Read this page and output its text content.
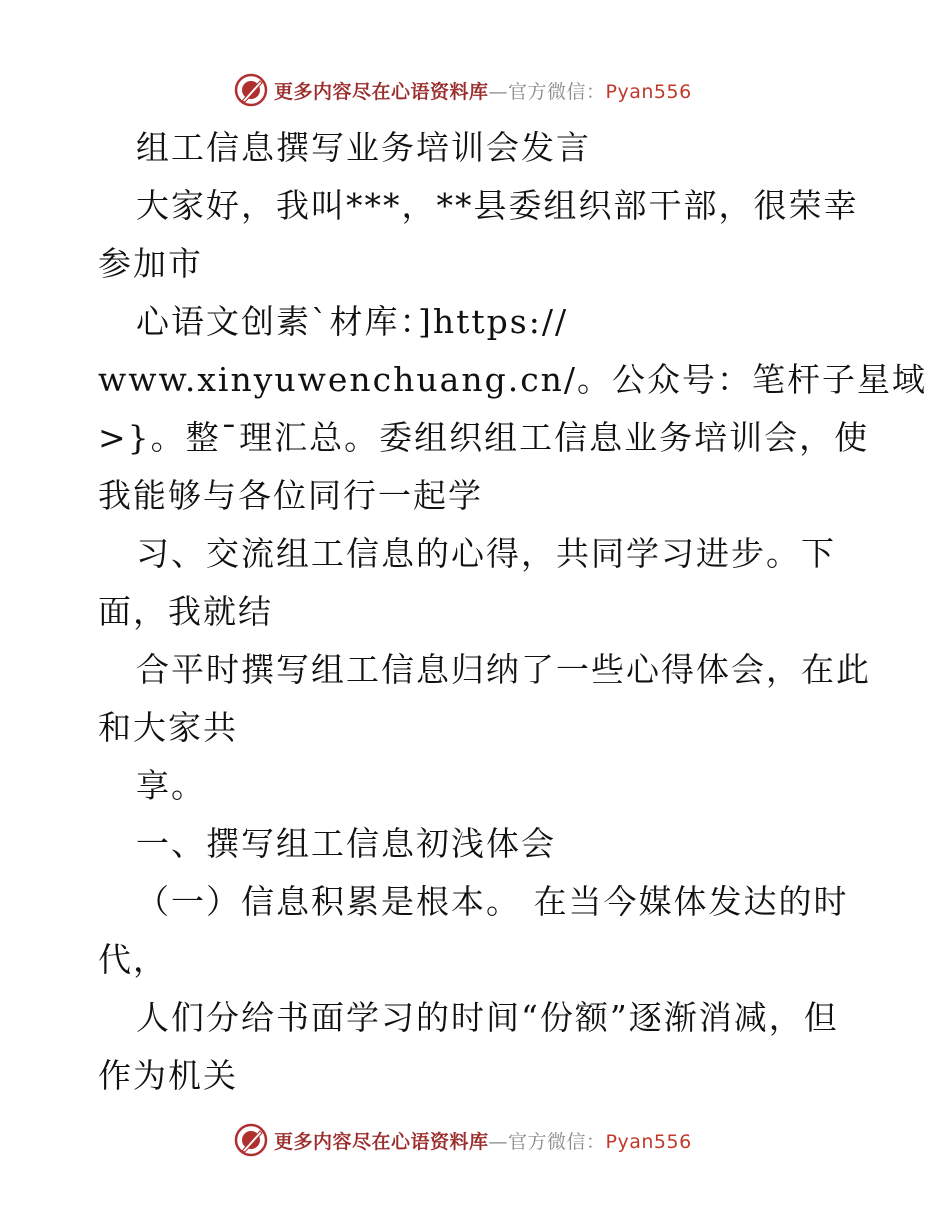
更多内容尽在心语资料库—官方微信：Pyan556
组工信息撰写业务培训会发言
大家好，我叫***，**县委组织部干部，很荣幸
参加市
心语文创素`材库：]https://
www.xinyuwenchuang.cn/。公众号：笔杆子星域
>}。整¯理汇总。委组织组工信息业务培训会，使
我能够与各位同行一起学
习、交流组工信息的心得，共同学习进步。下
面，我就结
合平时撰写组工信息归纳了一些心得体会，在此
和大家共
享。
一、撰写组工信息初浅体会
（一）信息积累是根本。 在当今媒体发达的时
代，
人们分给书面学习的时间“份额”逐渐消减，但
作为机关
更多内容尽在心语资料库—官方微信：Pyan556
